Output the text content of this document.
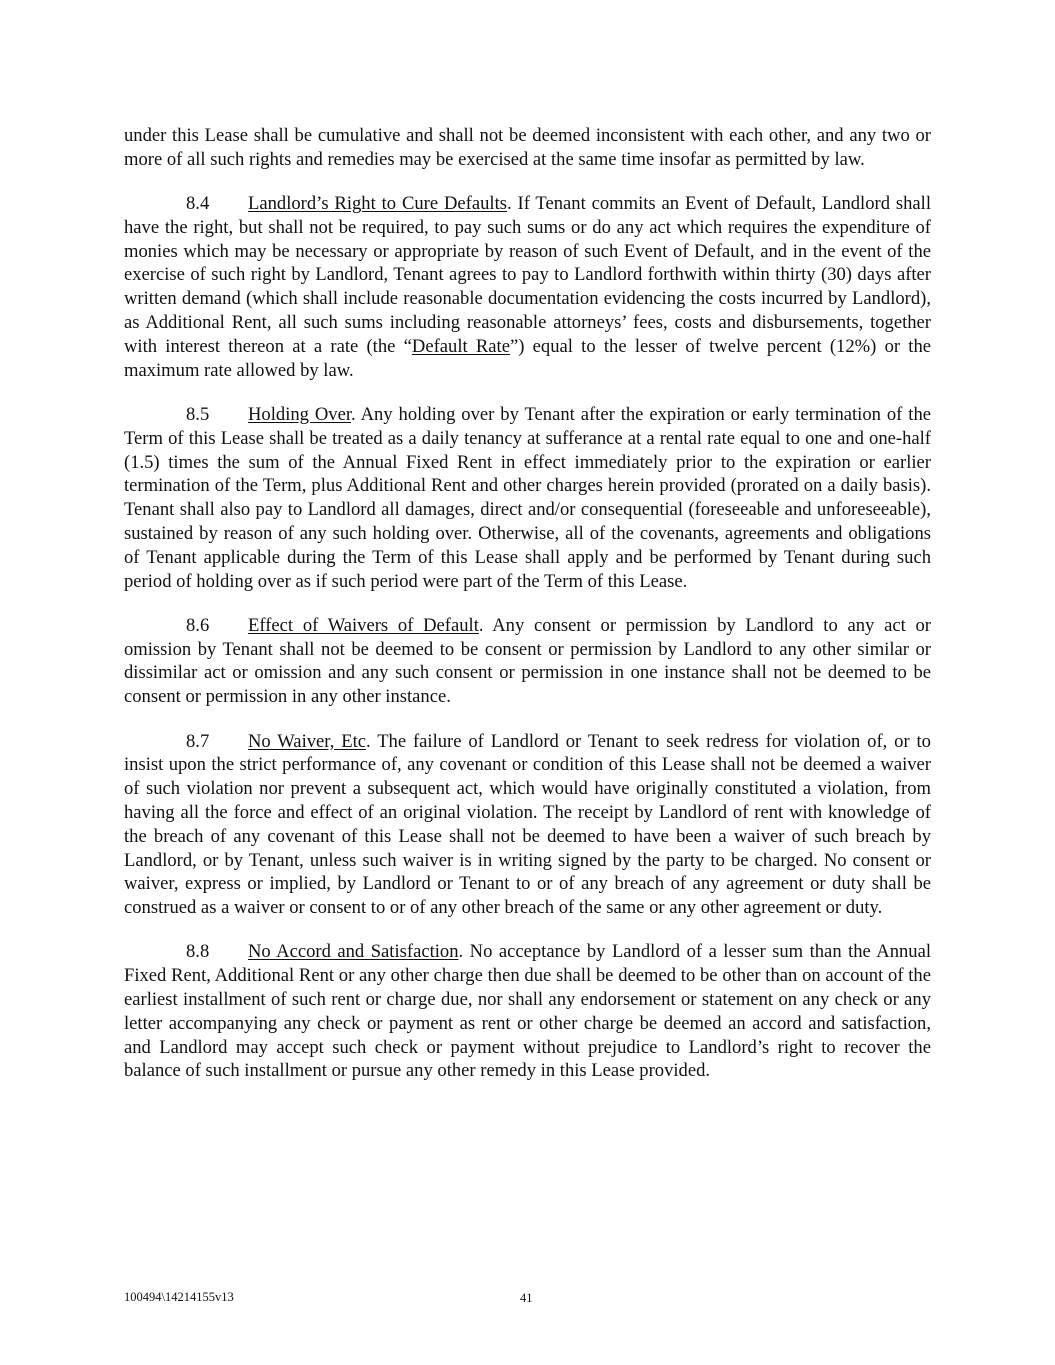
under this Lease shall be cumulative and shall not be deemed inconsistent with each other, and any two or more of all such rights and remedies may be exercised at the same time insofar as permitted by law.

8.4 Landlord’s Right to Cure Defaults. If Tenant commits an Event of Default, Landlord shall have the right, but shall not be required, to pay such sums or do any act which requires the expenditure of monies which may be necessary or appropriate by reason of such Event of Default, and in the event of the exercise of such right by Landlord, Tenant agrees to pay to Landlord forthwith within thirty (30) days after written demand (which shall include reasonable documentation evidencing the costs incurred by Landlord), as Additional Rent, all such sums including reasonable attorneys’ fees, costs and disbursements, together with interest thereon at a rate (the “Default Rate”) equal to the lesser of twelve percent (12%) or the maximum rate allowed by law.

8.5 Holding Over. Any holding over by Tenant after the expiration or early termination of the Term of this Lease shall be treated as a daily tenancy at sufferance at a rental rate equal to one and one-half (1.5) times the sum of the Annual Fixed Rent in effect immediately prior to the expiration or earlier termination of the Term, plus Additional Rent and other charges herein provided (prorated on a daily basis). Tenant shall also pay to Landlord all damages, direct and/or consequential (foreseeable and unforeseeable), sustained by reason of any such holding over. Otherwise, all of the covenants, agreements and obligations of Tenant applicable during the Term of this Lease shall apply and be performed by Tenant during such period of holding over as if such period were part of the Term of this Lease.

8.6 Effect of Waivers of Default. Any consent or permission by Landlord to any act or omission by Tenant shall not be deemed to be consent or permission by Landlord to any other similar or dissimilar act or omission and any such consent or permission in one instance shall not be deemed to be consent or permission in any other instance.

8.7 No Waiver, Etc. The failure of Landlord or Tenant to seek redress for violation of, or to insist upon the strict performance of, any covenant or condition of this Lease shall not be deemed a waiver of such violation nor prevent a subsequent act, which would have originally constituted a violation, from having all the force and effect of an original violation. The receipt by Landlord of rent with knowledge of the breach of any covenant of this Lease shall not be deemed to have been a waiver of such breach by Landlord, or by Tenant, unless such waiver is in writing signed by the party to be charged. No consent or waiver, express or implied, by Landlord or Tenant to or of any breach of any agreement or duty shall be construed as a waiver or consent to or of any other breach of the same or any other agreement or duty.

8.8 No Accord and Satisfaction. No acceptance by Landlord of a lesser sum than the Annual Fixed Rent, Additional Rent or any other charge then due shall be deemed to be other than on account of the earliest installment of such rent or charge due, nor shall any endorsement or statement on any check or any letter accompanying any check or payment as rent or other charge be deemed an accord and satisfaction, and Landlord may accept such check or payment without prejudice to Landlord’s right to recover the balance of such installment or pursue any other remedy in this Lease provided.

100494\14214155v13	41
